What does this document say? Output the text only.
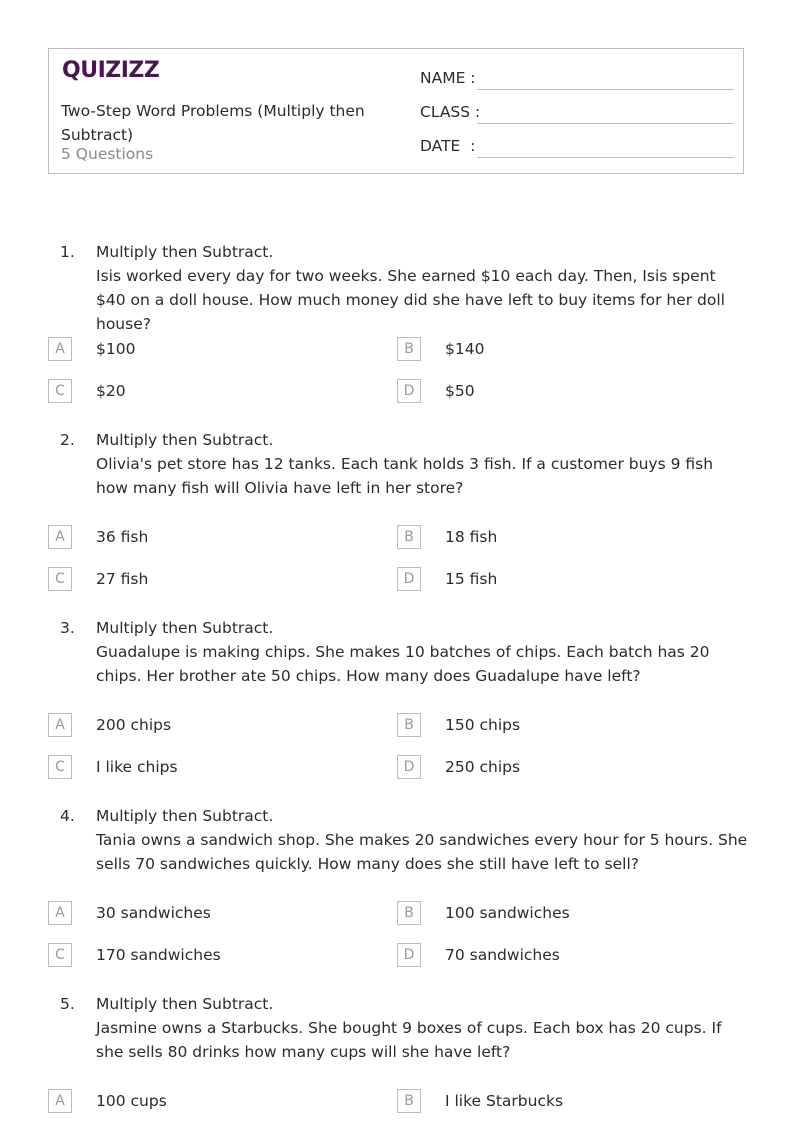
QUIZIZZ
Two-Step Word Problems (Multiply then Subtract)
5 Questions
NAME :
CLASS :
DATE  :
1. Multiply then Subtract.

Isis worked every day for two weeks. She earned $10 each day. Then, Isis spent $40 on a doll house. How much money did she have left to buy items for her doll house?

A	$100	B	$140
C	$20	D	$50
2. Multiply then Subtract.

Olivia's pet store has 12 tanks. Each tank holds 3 fish. If a customer buys 9 fish how many fish will Olivia have left in her store?

A	36 fish	B	18 fish
C	27 fish	D	15 fish
3. Multiply then Subtract.

Guadalupe is making chips. She makes 10 batches of chips. Each batch has 20 chips. Her brother ate 50 chips. How many does Guadalupe have left?

A	200 chips	B	150 chips
C	I like chips	D	250 chips
4. Multiply then Subtract.

Tania owns a sandwich shop. She makes 20 sandwiches every hour for 5 hours. She sells 70 sandwiches quickly. How many does she still have left to sell?

A	30 sandwiches	B	100 sandwiches
C	170 sandwiches	D	70 sandwiches
5. Multiply then Subtract.

Jasmine owns a Starbucks. She bought 9 boxes of cups. Each box has 20 cups. If she sells 80 drinks how many cups will she have left?

A	100 cups	B	I like Starbucks
